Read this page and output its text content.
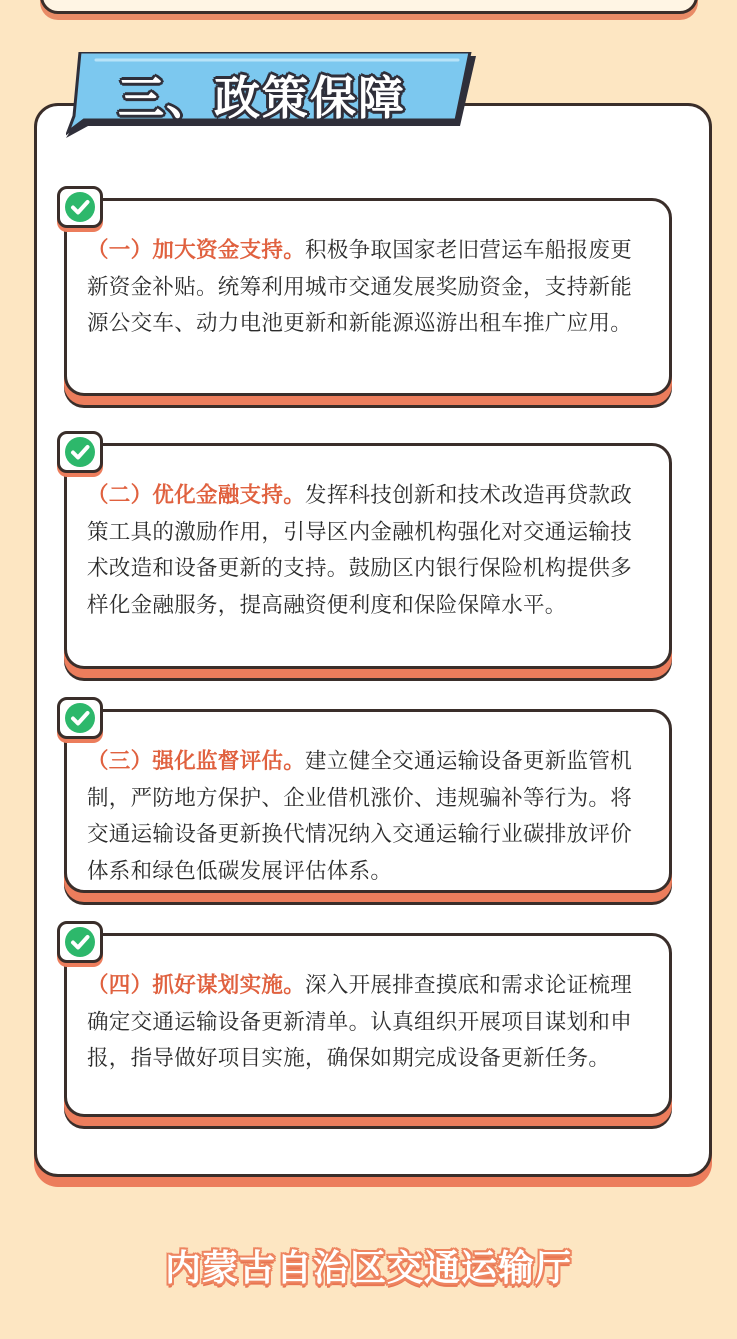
三、政策保障
（一）加大资金支持。积极争取国家老旧营运车船报废更新资金补贴。统筹利用城市交通发展奖励资金，支持新能源公交车、动力电池更新和新能源巡游出租车推广应用。
（二）优化金融支持。发挥科技创新和技术改造再贷款政策工具的激励作用，引导区内金融机构强化对交通运输技术改造和设备更新的支持。鼓励区内银行保险机构提供多样化金融服务，提高融资便利度和保险保障水平。
（三）强化监督评估。建立健全交通运输设备更新监管机制，严防地方保护、企业借机涨价、违规骗补等行为。将交通运输设备更新换代情况纳入交通运输行业碳排放评价体系和绿色低碳发展评估体系。
（四）抓好谋划实施。深入开展排查摸底和需求论证梳理确定交通运输设备更新清单。认真组织开展项目谋划和申报，指导做好项目实施，确保如期完成设备更新任务。
内蒙古自治区交通运输厅
